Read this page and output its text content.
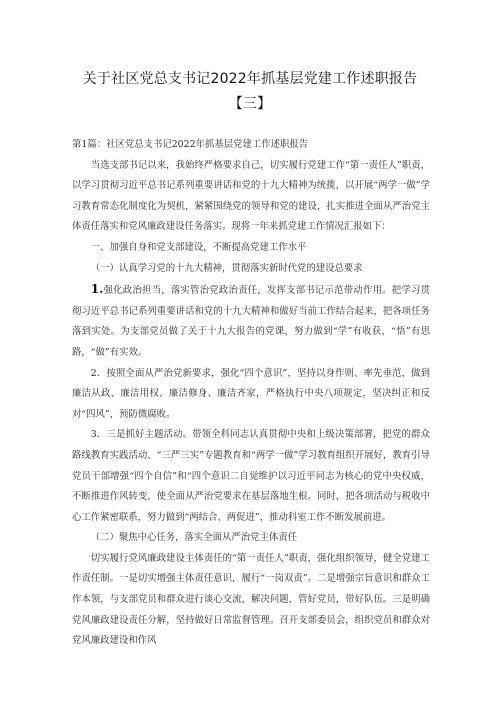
关于社区党总支书记2022年抓基层党建工作述职报告【三】

第1篇：社区党总支书记2022年抓基层党建工作述职报告

当选支部书记以来，我始终严格要求自己，切实履行党建工作“第一责任人”职责，以学习贯彻习近平总书记系列重要讲话和党的十九大精神为统揽，以开展“两学一做”学习教育常态化制度化为契机，紧紧围绕党的领导和党的建设，扎实推进全面从严治党主体责任落实和党风廉政建设任务落实。现将一年来抓党建工作情况汇报如下：

一、加强自身和党支部建设，不断提高党建工作水平

（一）认真学习党的十九大精神，贯彻落实新时代党的建设总要求

1.强化政治担当，落实管治党政治责任，发挥支部书记示范带动作用。把学习贯彻习近平总书记系列重要讲话和党的十九大精神和做好当前工作结合起来，把各项任务落到实处。为支部党员做了关于十九大报告的党课，努力做到“学”有收获，“悟”有思路，“做”有实效。

2．按照全面从严治党新要求，强化“四个意识”，坚持以身作则、率先垂范，做到廉洁从政、廉洁用权、廉洁修身、廉洁齐家，严格执行中央八项规定，坚决纠正和反对“四风”，预防微腐败。

3．三是抓好主题活动。带领全科同志认真贯彻中央和上级决策部署，把党的群众路线教育实践活动、“三严三实”专题教育和“两学一做”学习教育组织开展好，教育引导党员干部增强“四个自信”和“四个意识二自觉维护以习近平同志为核心的党中央权威，不断推进作风转变，使全面从严治党要求在基层落地生根。同时，把各项活动与税收中心工作紧密联系，努力做到“两结合、两促进”，推动科室工作不断发展前进。

（二）聚焦中心任务，落实全面从严治党主体责任

切实履行党风廉政建设主体责任的“第一责任人”职责，强化组织领导，健全党建工作责任制。一是切实增强主体责任意识，履行“一岗双责”。二是增强宗旨意识和群众工作本领，与支部党员和群众进行谈心交流，解决问题，管好党员，带好队伍。三是明确党风廉政建设责任分解，坚持做好日常监督管理。召开支部委员会，组织党员和群众对党风廉政建设和作风
